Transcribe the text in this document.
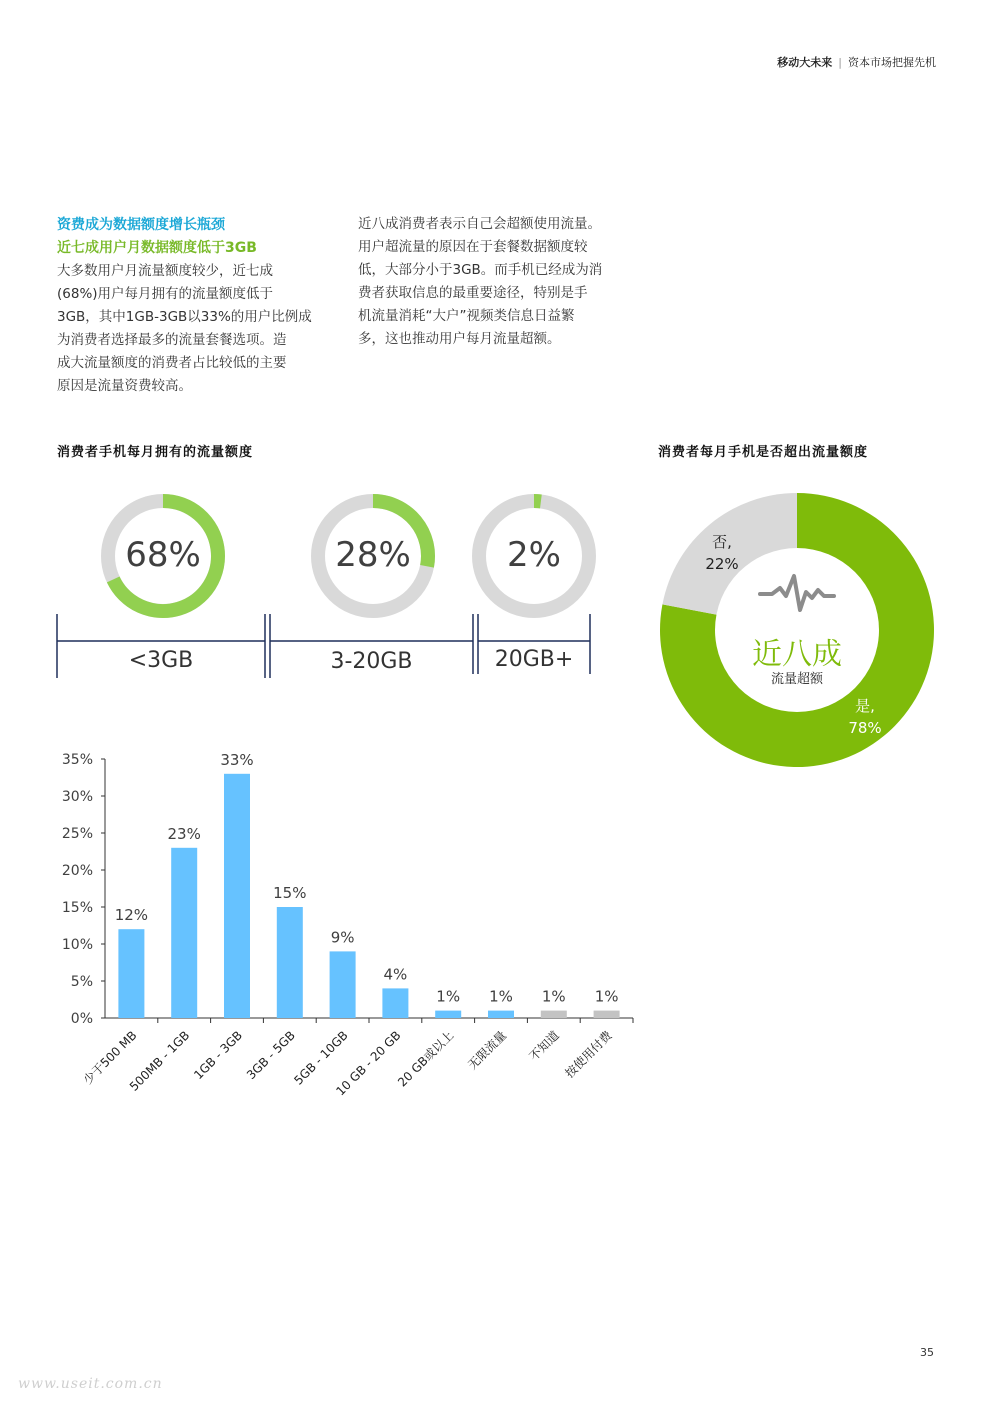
移动大未来 | 资本市场把握先机
资费成为数据额度增长瓶颈
近七成用户月数据额度低于3GB
大多数用户月流量额度较少，近七成
(68%)用户每月拥有的流量额度低于
3GB，其中1GB-3GB以33%的用户比例成
为消费者选择最多的流量套餐选项。造
成大流量额度的消费者占比较低的主要
原因是流量资费较高。
近八成消费者表示自己会超额使用流量。
用户超流量的原因在于套餐数据额度较
低，大部分小于3GB。而手机已经成为消
费者获取信息的最重要途径，特别是手
机流量消耗“大户”视频类信息日益繁
多，这也推动用户每月流量超额。
消费者手机每月拥有的流量额度	消费者每月手机是否超出流量额度
68%	28%	2%
<3GB	3-20GB	20GB+	近八成
流量超额
否,
22%
是,
78%
0%
5%
10%
15%
20%
25%
30%
35%
12%
少于500 MB
23%
500MB - 1GB
33%
1GB - 3GB
15%
3GB - 5GB
9%
5GB - 10GB
4%
10 GB - 20 GB
1%
20 GB或以上
1%
无限流量
1%
不知道
1%
按使用付费
35
www.useit.com.cn
